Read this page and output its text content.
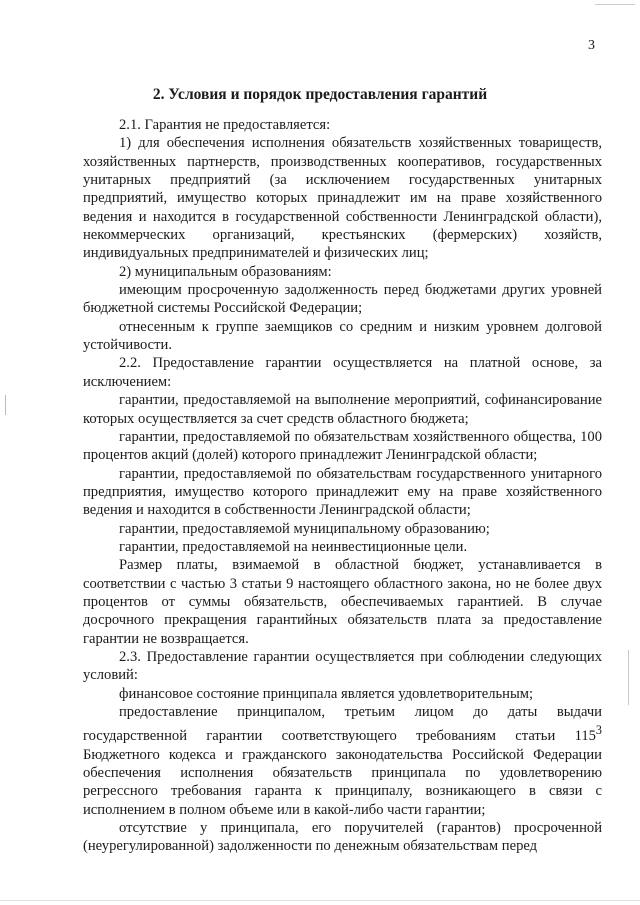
3
2. Условия и порядок предоставления гарантий

2.1. Гарантия не предоставляется:

1) для обеспечения исполнения обязательств хозяйственных товариществ, хозяйственных партнерств, производственных кооперативов, государственных унитарных предприятий (за исключением государственных унитарных предприятий, имущество которых принадлежит им на праве хозяйственного ведения и находится в государственной собственности Ленинградской области), некоммерческих организаций, крестьянских (фермерских) хозяйств, индивидуальных предпринимателей и физических лиц;

2) муниципальным образованиям:

имеющим просроченную задолженность перед бюджетами других уровней бюджетной системы Российской Федерации;

отнесенным к группе заемщиков со средним и низким уровнем долговой устойчивости.

2.2. Предоставление гарантии осуществляется на платной основе, за исключением:

гарантии, предоставляемой на выполнение мероприятий, софинансирование которых осуществляется за счет средств областного бюджета;

гарантии, предоставляемой по обязательствам хозяйственного общества, 100 процентов акций (долей) которого принадлежит Ленинградской области;

гарантии, предоставляемой по обязательствам государственного унитарного предприятия, имущество которого принадлежит ему на праве хозяйственного ведения и находится в собственности Ленинградской области;

гарантии, предоставляемой муниципальному образованию;

гарантии, предоставляемой на неинвестиционные цели.

Размер платы, взимаемой в областной бюджет, устанавливается в соответствии с частью 3 статьи 9 настоящего областного закона, но не более двух процентов от суммы обязательств, обеспечиваемых гарантией. В случае досрочного прекращения гарантийных обязательств плата за предоставление гарантии не возвращается.

2.3. Предоставление гарантии осуществляется при соблюдении следующих условий:

финансовое состояние принципала является удовлетворительным;

предоставление принципалом, третьим лицом до даты выдачи государственной гарантии соответствующего требованиям статьи $115^3$ Бюджетного кодекса и гражданского законодательства Российской Федерации обеспечения исполнения обязательств принципала по удовлетворению регрессного требования гаранта к принципалу, возникающего в связи с исполнением в полном объеме или в какой-либо части гарантии;

отсутствие у принципала, его поручителей (гарантов) просроченной (неурегулированной) задолженности по денежным обязательствам перед
